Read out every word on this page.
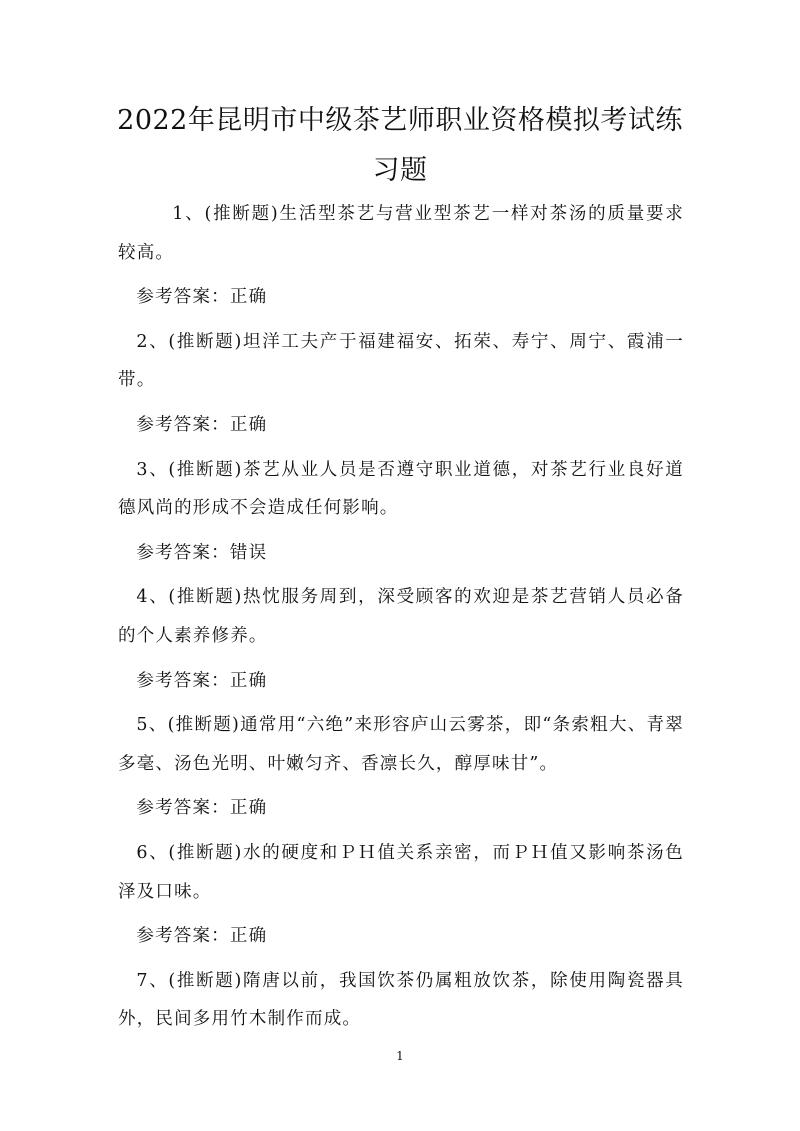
2022年昆明市中级茶艺师职业资格模拟考试练
习题

1、(推断题)生活型茶艺与营业型茶艺一样对茶汤的质量要求较高。

参考答案：正确

2、(推断题)坦洋工夫产于福建福安、拓荣、寿宁、周宁、霞浦一带。

参考答案：正确

3、(推断题)茶艺从业人员是否遵守职业道德，对茶艺行业良好道德风尚的形成不会造成任何影响。

参考答案：错误

4、(推断题)热忱服务周到，深受顾客的欢迎是茶艺营销人员必备的个人素养修养。

参考答案：正确

5、(推断题)通常用“六绝”来形容庐山云雾茶，即“条索粗大、青翠多毫、汤色光明、叶嫩匀齐、香凛长久，醇厚味甘”。

参考答案：正确

6、(推断题)水的硬度和ＰＨ值关系亲密，而ＰＨ值又影响茶汤色泽及口味。

参考答案：正确

7、(推断题)隋唐以前，我国饮茶仍属粗放饮茶，除使用陶瓷器具外，民间多用竹木制作而成。

1
